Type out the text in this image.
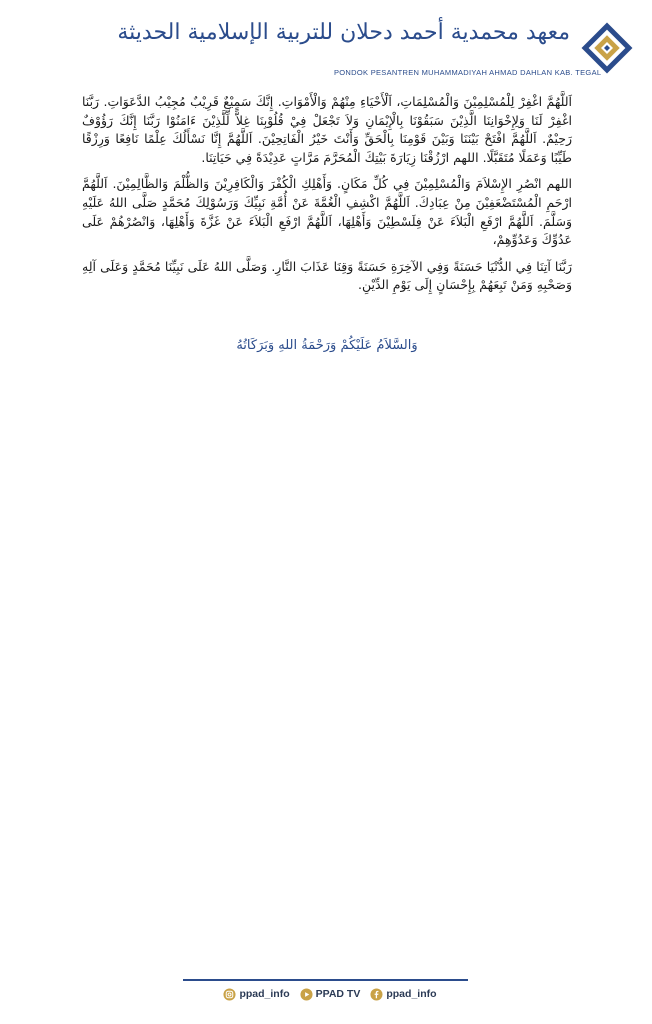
معهد محمدية أحمد دحلان للتربية الإسلامية الحديثة
PONDOK PESANTREN MUHAMMADIYAH AHMAD DAHLAN KAB. TEGAL

اَللَّهُمَّ اغْفِرْ لِلْمُسْلِمِيْنَ وَالْمُسْلِمَاتِ، اَلْأَحْيَاءِ مِنْهُمْ وَالْأَمْوَاتِ. إِنَّكَ سَمِيْعٌ قَرِيْبٌ مُجِيْبُ الدَّعَوَاتِ. رَبَّنَا اغْفِرْ لَنَا وَلِإِخْوَانِنَا الَّذِيْنَ سَبَقُوْنَا بِالْإِيْمَانِ وَلاَ تَجْعَلْ فِيْ قُلُوْبِنَا غِلاًّ لِّلَّذِيْنَ ءَامَنُوْا رَبَّنَا إِنَّكَ رَؤُوْفٌ رَحِيْمٌ. اَللَّهُمَّ افْتَحْ بَيْنَنَا وَبَيْنَ قَوْمِنَا بِالْحَقِّ وَأَنْتَ خَيْرُ الْفَاتِحِيْنَ. اَللَّهُمَّ إِنَّا نَسْأَلُكَ عِلْمًا نَافِعًا وَرِزْقًا طَيِّبًا وَعَمَلًا مُتَقَبَّلًا. اللهم ارْزُقْنَا زِيَارَةَ بَيْتِكَ الْمُحَرَّمَ مَرَّاتٍ عَدِيْدَةً فِي حَيَاتِنَا.

اللهم انْصُرِ الإِسْلاَمَ وَالْمُسْلِمِيْنَ فِي كُلِّ مَكَانٍ. وَأَهْلِكِ الْكُفْرَ وَالْكَافِرِيْنَ وَالظُّلْمَ وَالظَّالِمِيْنَ. اَللَّهُمَّ ارْحَمِ الْمُسْتَضْعَفِيْنَ مِنْ عِبَادِكَ. اَللَّهُمَّ اكْشِفِ الْغُمَّةَ عَنْ أُمَّةِ نَبِيِّكَ وَرَسُوْلِكَ مُحَمَّدٍ صَلَّى اللهُ عَلَيْهِ وَسَلَّمَ. اَللَّهُمَّ ارْفَعِ الْبَلاَءَ عَنْ فِلَسْطِيْنَ وَأَهْلِهَا، اَللَّهُمَّ ارْفَعِ الْبَلاَءَ عَنْ غَزَّةَ وَأَهْلِهَا، وَانْصُرْهُمْ عَلَى عَدُوِّكَ وَعَدُوِّهِمْ،

رَبَّنَا آتِنَا فِي الدُّنْيَا حَسَنَةً وَفِي الآخِرَةِ حَسَنَةً وَقِنَا عَذَابَ النَّارِ. وَصَلَّى اللهُ عَلَى نَبِيِّنَا مُحَمَّدٍ وَعَلَى آلِهِ وَصَحْبِهِ وَمَنْ تَبِعَهُمْ بِإِحْسَانٍ إِلَى يَوْمِ الدِّيْنِ.

وَالسَّلاَمُ عَلَيْكُمْ وَرَحْمَةُ اللهِ وَبَرَكَاتُهُ
ppad_info PPAD TV ppad_info
